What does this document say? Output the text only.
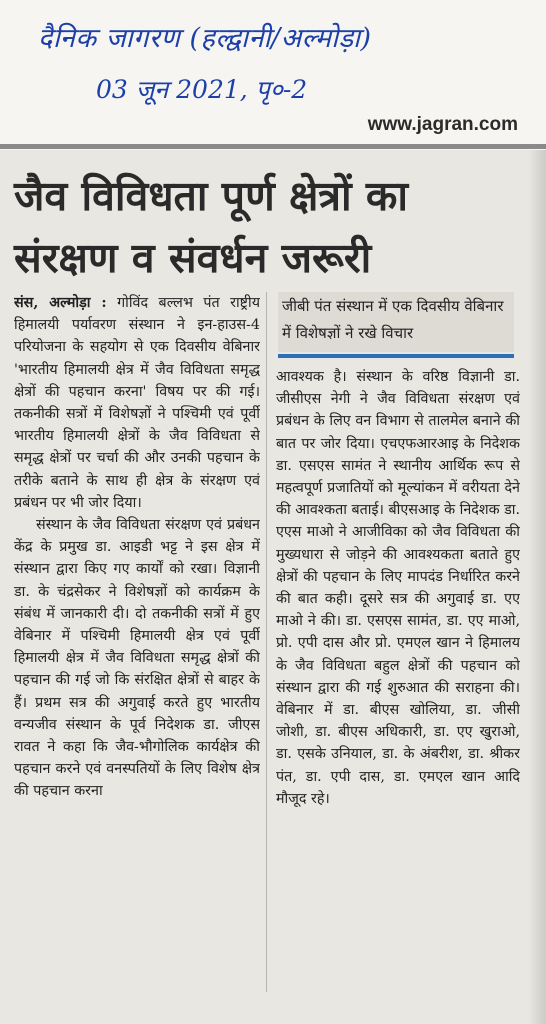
दैनिक जागरण (हल्द्वानी/अल्मोड़ा)
03 जून 2021, पृ०-2
www.jagran.com
जैव विविधता पूर्ण क्षेत्रों का
संरक्षण व संवर्धन जरूरी

संस, अल्मोड़ा : गोविंद बल्लभ पंत राष्ट्रीय हिमालयी पर्यावरण संस्थान ने इन-हाउस-4 परियोजना के सहयोग से एक दिवसीय वेबिनार 'भारतीय हिमालयी क्षेत्र में जैव विविधता समृद्ध क्षेत्रों की पहचान करना' विषय पर की गई। तकनीकी सत्रों में विशेषज्ञों ने पश्चिमी एवं पूर्वी भारतीय हिमालयी क्षेत्रों के जैव विविधता से समृद्ध क्षेत्रों पर चर्चा की और उनकी पहचान के तरीके बताने के साथ ही क्षेत्र के संरक्षण एवं प्रबंधन पर भी जोर दिया।

संस्थान के जैव विविधता संरक्षण एवं प्रबंधन केंद्र के प्रमुख डा. आइडी भट्ट ने इस क्षेत्र में संस्थान द्वारा किए गए कार्यों को रखा। विज्ञानी डा. के चंद्रसेकर ने विशेषज्ञों को कार्यक्रम के संबंध में जानकारी दी। दो तकनीकी सत्रों में हुए वेबिनार में पश्चिमी हिमालयी क्षेत्र एवं पूर्वी हिमालयी क्षेत्र में जैव विविधता समृद्ध क्षेत्रों की पहचान की गई जो कि संरक्षित क्षेत्रों से बाहर के हैं। प्रथम सत्र की अगुवाई करते हुए भारतीय वन्यजीव संस्थान के पूर्व निदेशक डा. जीएस रावत ने कहा कि जैव-भौगोलिक कार्यक्षेत्र की पहचान करने एवं वनस्पतियों के लिए विशेष क्षेत्र की पहचान करना

जीबी पंत संस्थान में एक दिवसीय वेबिनार में विशेषज्ञों ने रखे विचार

आवश्यक है। संस्थान के वरिष्ठ विज्ञानी डा. जीसीएस नेगी ने जैव विविधता संरक्षण एवं प्रबंधन के लिए वन विभाग से तालमेल बनाने की बात पर जोर दिया। एचएफआरआइ के निदेशक डा. एसएस सामंत ने स्थानीय आर्थिक रूप से महत्वपूर्ण प्रजातियों को मूल्यांकन में वरीयता देने की आवश्कता बताई। बीएसआइ के निदेशक डा. एएस माओ ने आजीविका को जैव विविधता की मुख्यधारा से जोड़ने की आवश्यकता बताते हुए क्षेत्रों की पहचान के लिए मापदंड निर्धारित करने की बात कही। दूसरे सत्र की अगुवाई डा. एए माओ ने की। डा. एसएस सामंत, डा. एए माओ, प्रो. एपी दास और प्रो. एमएल खान ने हिमालय के जैव विविधता बहुल क्षेत्रों की पहचान को संस्थान द्वारा की गई शुरुआत की सराहना की। वेबिनार में डा. बीएस खोलिया, डा. जीसी जोशी, डा. बीएस अधिकारी, डा. एए खुराओ, डा. एसके उनियाल, डा. के अंबरीश, डा. श्रीकर पंत, डा. एपी दास, डा. एमएल खान आदि मौजूद रहे।
